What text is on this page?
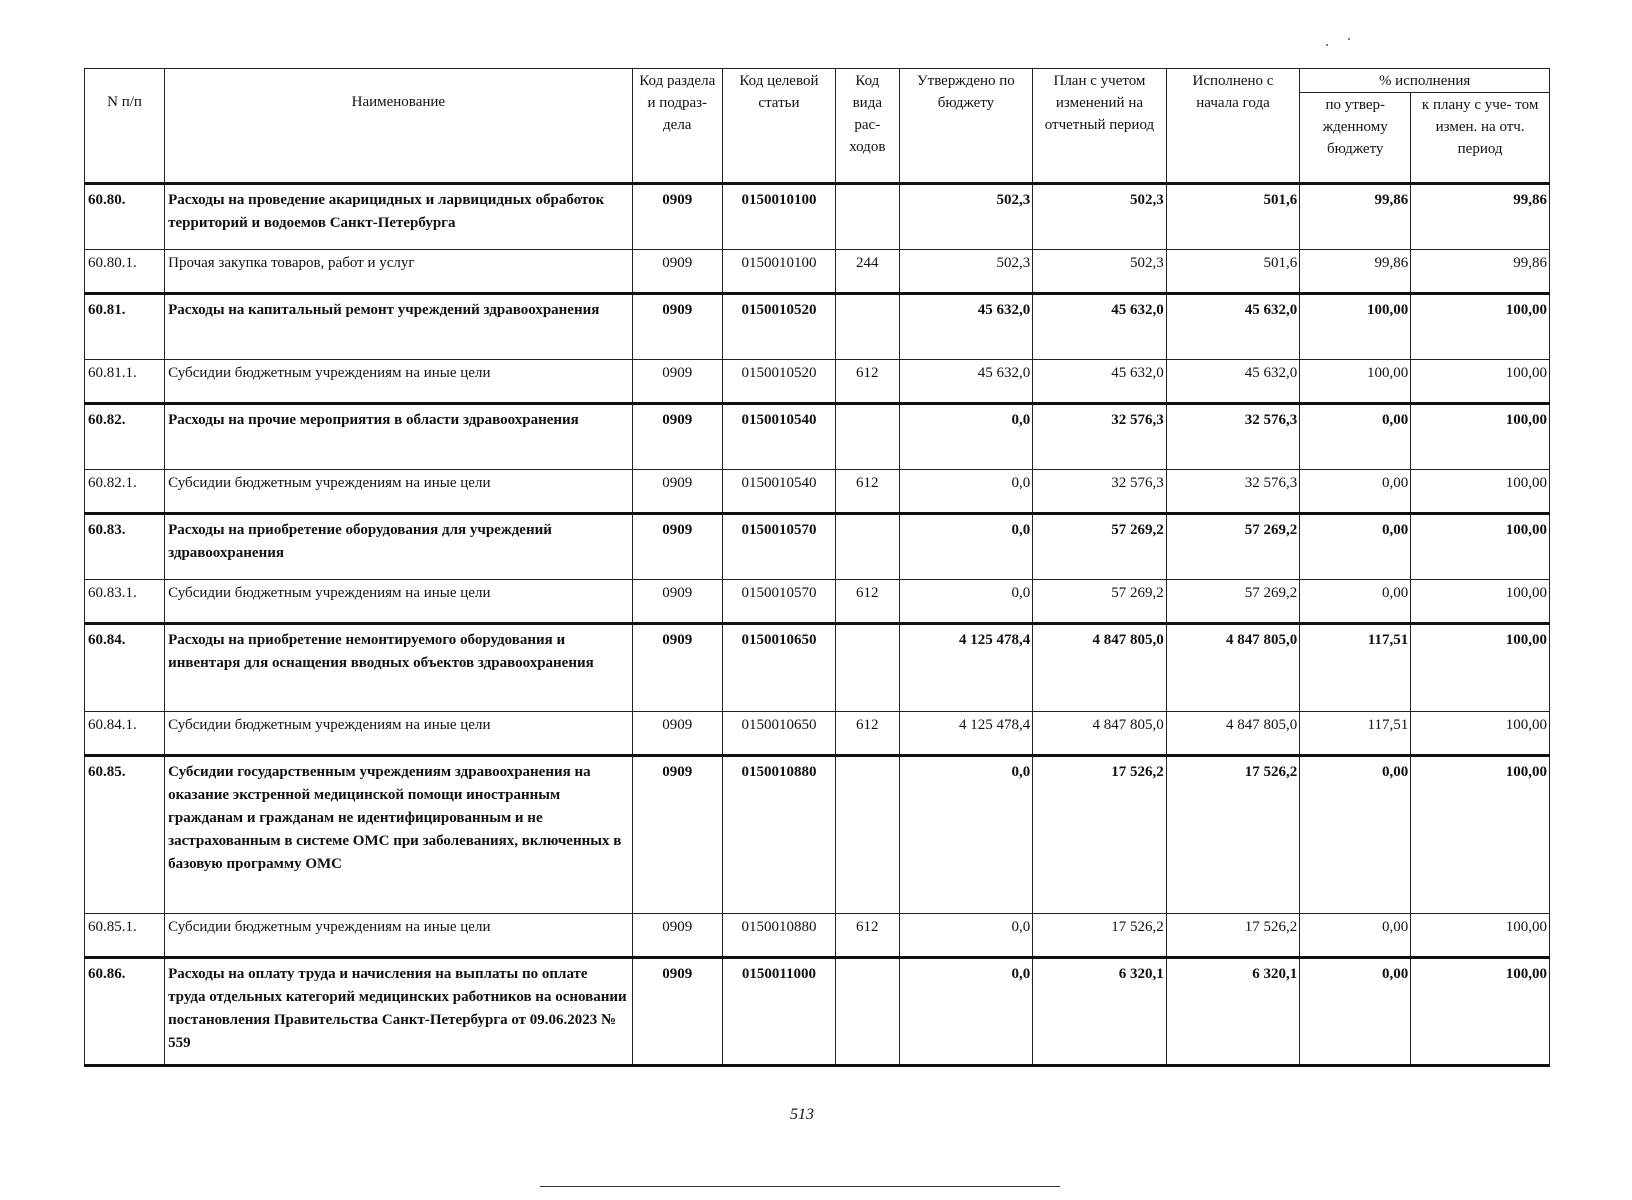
N п/п	Наименование	Код раздела и подраз- дела	Код целевой статьи	Код вида рас- ходов	Утверждено по бюджету	План с учетом изменений на отчетный период	Исполнено с начала года	% исполнения	
								по утвер- жденному бюджету	к плану с уче- том измен. на отч. период
60.80.	Расходы на проведение акарицидных и ларвицидных обработок территорий и водоемов Санкт-Петербурга	0909	0150010100		502,3	502,3	501,6	99,86	99,86
60.80.1.	Прочая закупка товаров, работ и услуг	0909	0150010100	244	502,3	502,3	501,6	99,86	99,86
60.81.	Расходы на капитальный ремонт учреждений здравоохранения	0909	0150010520		45 632,0	45 632,0	45 632,0	100,00	100,00
60.81.1.	Субсидии бюджетным учреждениям на иные цели	0909	0150010520	612	45 632,0	45 632,0	45 632,0	100,00	100,00
60.82.	Расходы на прочие мероприятия в области здравоохранения	0909	0150010540		0,0	32 576,3	32 576,3	0,00	100,00
60.82.1.	Субсидии бюджетным учреждениям на иные цели	0909	0150010540	612	0,0	32 576,3	32 576,3	0,00	100,00
60.83.	Расходы на приобретение оборудования для учреждений здравоохранения	0909	0150010570		0,0	57 269,2	57 269,2	0,00	100,00
60.83.1.	Субсидии бюджетным учреждениям на иные цели	0909	0150010570	612	0,0	57 269,2	57 269,2	0,00	100,00
60.84.	Расходы на приобретение немонтируемого оборудования и инвентаря для оснащения вводных объектов здравоохранения	0909	0150010650		4 125 478,4	4 847 805,0	4 847 805,0	117,51	100,00
60.84.1.	Субсидии бюджетным учреждениям на иные цели	0909	0150010650	612	4 125 478,4	4 847 805,0	4 847 805,0	117,51	100,00
60.85.	Субсидии государственным учреждениям здравоохранения на оказание экстренной медицинской помощи иностранным гражданам и гражданам не идентифицированным и не застрахованным в системе ОМС при заболеваниях, включенных в базовую программу ОМС	0909	0150010880		0,0	17 526,2	17 526,2	0,00	100,00
60.85.1.	Субсидии бюджетным учреждениям на иные цели	0909	0150010880	612	0,0	17 526,2	17 526,2	0,00	100,00
60.86.	Расходы на оплату труда и начисления на выплаты по оплате труда отдельных категорий медицинских работников на основании постановления Правительства Санкт-Петербурга от 09.06.2023 № 559	0909	0150011000		0,0	6 320,1	6 320,1	0,00	100,00
513
